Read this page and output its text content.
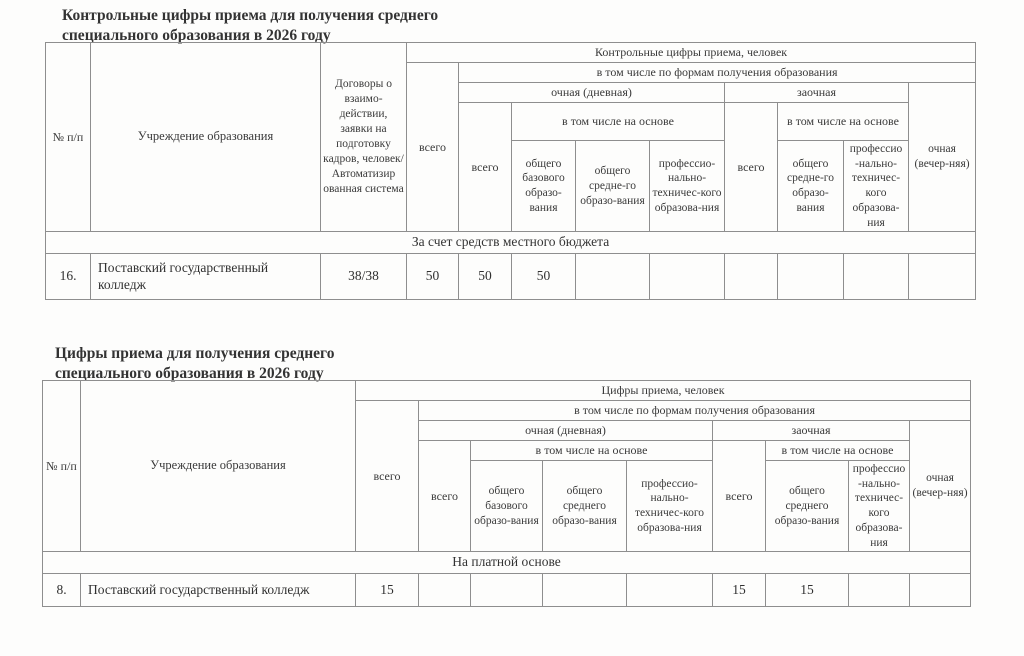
Контрольные цифры приема для получения среднего специального образования в 2026 году
№ п/п	Учреждение образования	Договоры о взаимо-действии, заявки на подготовку кадров, человек/ Автоматизир ованная система	Контрольные цифры приема, человек								
			всего	в том числе по формам получения образования							
				очная (дневная)				заочная			очная (вечер-няя)
				всего	в том числе на основе			всего	в том числе на основе		
					общего базового образо-вания	общего средне-го образо-вания	профессио-нально-техничес-кого образова-ния		общего средне-го образо-вания	профессио -нально-техничес-кого образова-ния	
За счет средств местного бюджета											
16.	Поставский государственный колледж	38/38	50	50	50						
Цифры приема для получения среднего специального образования в 2026 году
№ п/п	Учреждение образования	Цифры приема, человек								
		всего	в том числе по формам получения образования							
			очная (дневная)				заочная			очная (вечер-няя)
			всего	в том числе на основе			всего	в том числе на основе		
				общего базового образо-вания	общего среднего образо-вания	профессио-нально-техничес-кого образова-ния		общего среднего образо-вания	профессио-нально-техничес-кого образова-ния	
На платной основе										
8.	Поставский государственный колледж	15					15	15		
